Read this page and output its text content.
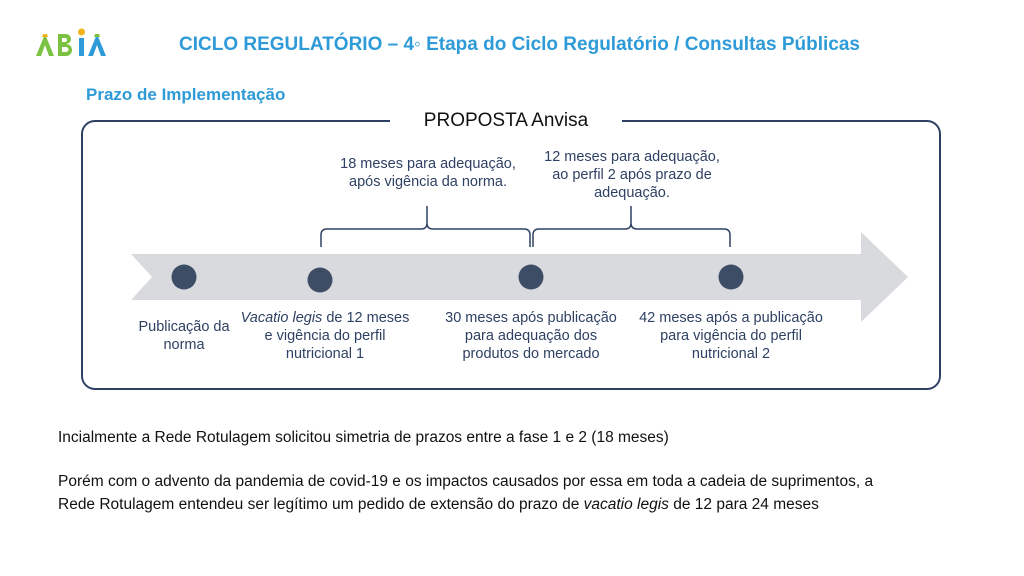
CICLO REGULATÓRIO – 4◦ Etapa do Ciclo Regulatório / Consultas Públicas
Prazo de Implementação
PROPOSTA Anvisa
18 meses para adequação,
após vigência da norma.
12 meses para adequação,
ao perfil 2 após prazo de
adequação.
Publicação da
norma
Vacatio legis de 12 meses
e vigência do perfil
nutricional 1
30 meses após publicação
para adequação dos
produtos do mercado
42 meses após a publicação
para vigência do perfil
nutricional 2
Incialmente a Rede Rotulagem solicitou simetria de prazos entre a fase 1 e 2 (18 meses)
Porém com o advento da pandemia de covid-19 e os impactos causados por essa em toda a cadeia de suprimentos, a
Rede Rotulagem entendeu ser legítimo um pedido de extensão do prazo de vacatio legis de 12 para 24 meses
